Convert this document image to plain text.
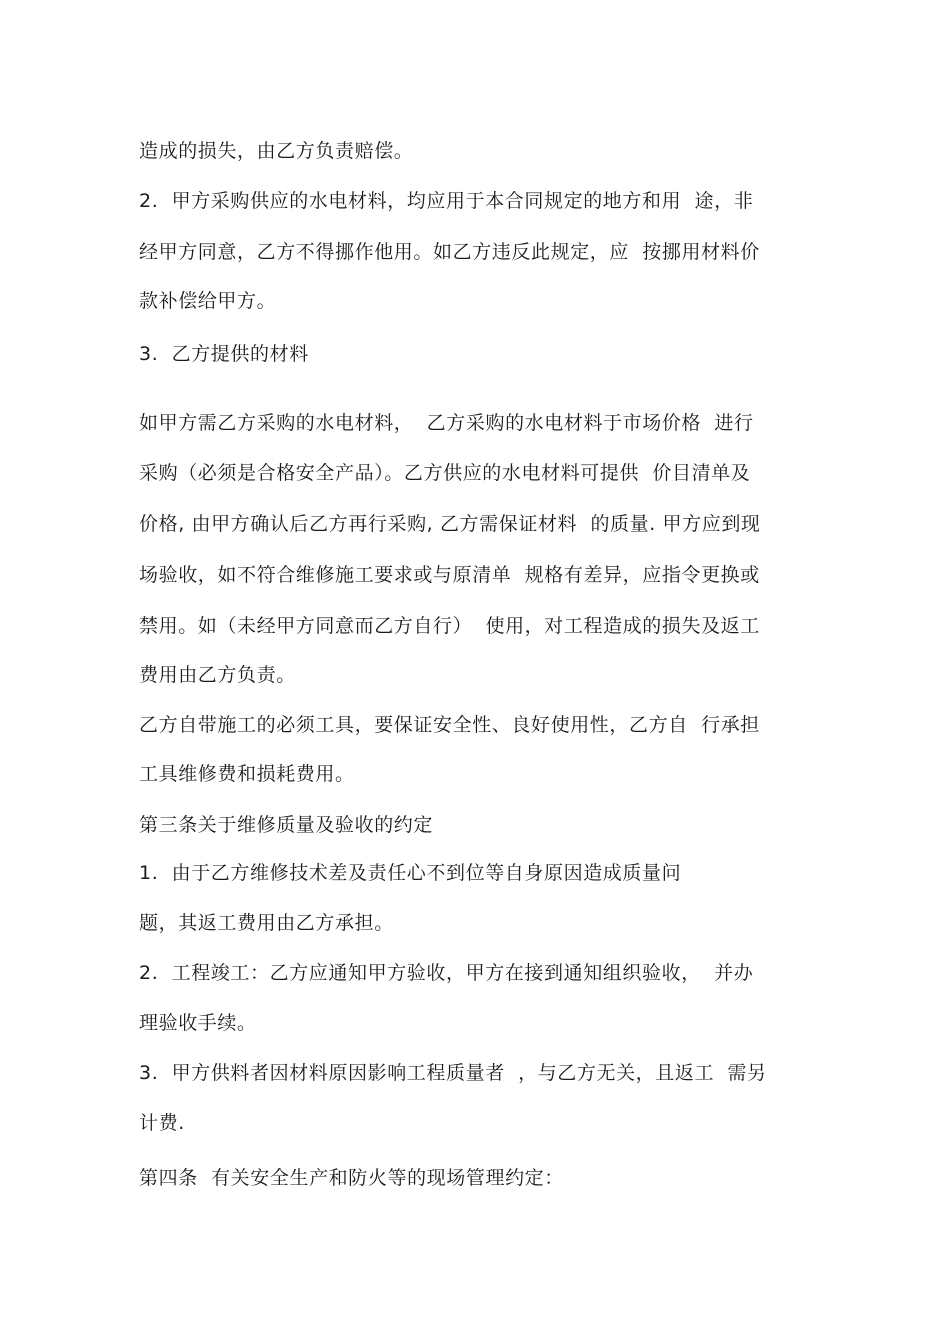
造成的损失，由乙方负责赔偿。
2.  甲方采购供应的水电材料，均应用于本合同规定的地方和用  途，非
经甲方同意，乙方不得挪作他用。如乙方违反此规定，应  按挪用材料价
款补偿给甲方。
3.  乙方提供的材料
如甲方需乙方采购的水电材料，  乙方采购的水电材料于市场价格  进行
采购（必须是合格安全产品）。乙方供应的水电材料可提供  价目清单及
价格, 由甲方确认后乙方再行采购, 乙方需保证材料  的质量. 甲方应到现
场验收，如不符合维修施工要求或与原清单  规格有差异，应指令更换或
禁用。如（未经甲方同意而乙方自行）  使用，对工程造成的损失及返工
费用由乙方负责。
乙方自带施工的必须工具，要保证安全性、良好使用性，乙方自  行承担
工具维修费和损耗费用。
第三条关于维修质量及验收的约定
1.  由于乙方维修技术差及责任心不到位等自身原因造成质量问
题，其返工费用由乙方承担。
2.  工程竣工：乙方应通知甲方验收，甲方在接到通知组织验收，  并办
理验收手续。
3.  甲方供料者因材料原因影响工程质量者  ，与乙方无关，且返工  需另
计费.
第四条  有关安全生产和防火等的现场管理约定：
